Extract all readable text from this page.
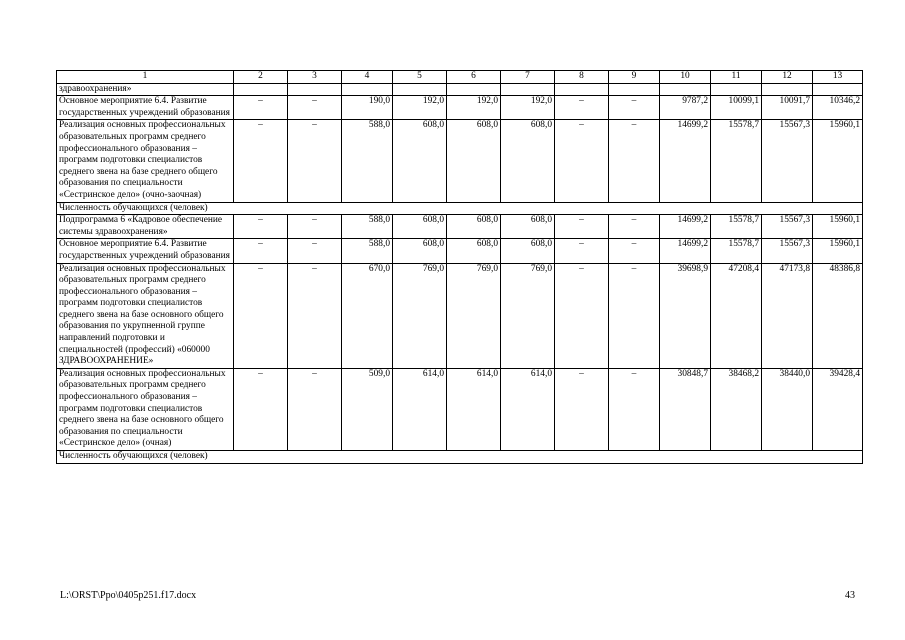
1	2	3	4	5	6	7	8	9	10	11	12	13
здравоохранения»												
Основное мероприятие 6.4. Развитие государственных учреждений образования	–	–	190,0	192,0	192,0	192,0	–	–	9787,2	10099,1	10091,7	10346,2
Реализация основных профессиональных образовательных программ среднего профессионального образования – программ подготовки специалистов среднего звена на базе среднего общего образования по специальности «Сестринское дело» (очно-заочная)	–	–	588,0	608,0	608,0	608,0	–	–	14699,2	15578,7	15567,3	15960,1
Численность обучающихся (человек)												
Подпрограмма 6 «Кадровое обеспечение системы здравоохранения»	–	–	588,0	608,0	608,0	608,0	–	–	14699,2	15578,7	15567,3	15960,1
Основное мероприятие 6.4. Развитие государственных учреждений образования	–	–	588,0	608,0	608,0	608,0	–	–	14699,2	15578,7	15567,3	15960,1
Реализация основных профессиональных образовательных программ среднего профессионального образования – программ подготовки специалистов среднего звена на базе основного общего образования по укрупненной группе направлений подготовки и специальностей (профессий) «060000 ЗДРАВООХРАНЕНИЕ»	–	–	670,0	769,0	769,0	769,0	–	–	39698,9	47208,4	47173,8	48386,8
Реализация основных профессиональных образовательных программ среднего профессионального образования – программ подготовки специалистов среднего звена на базе основного общего образования по специальности «Сестринское дело» (очная)	–	–	509,0	614,0	614,0	614,0	–	–	30848,7	38468,2	38440,0	39428,4
Численность обучающихся (человек)												
L:\ORST\Ppo\0405p251.f17.docx	43
